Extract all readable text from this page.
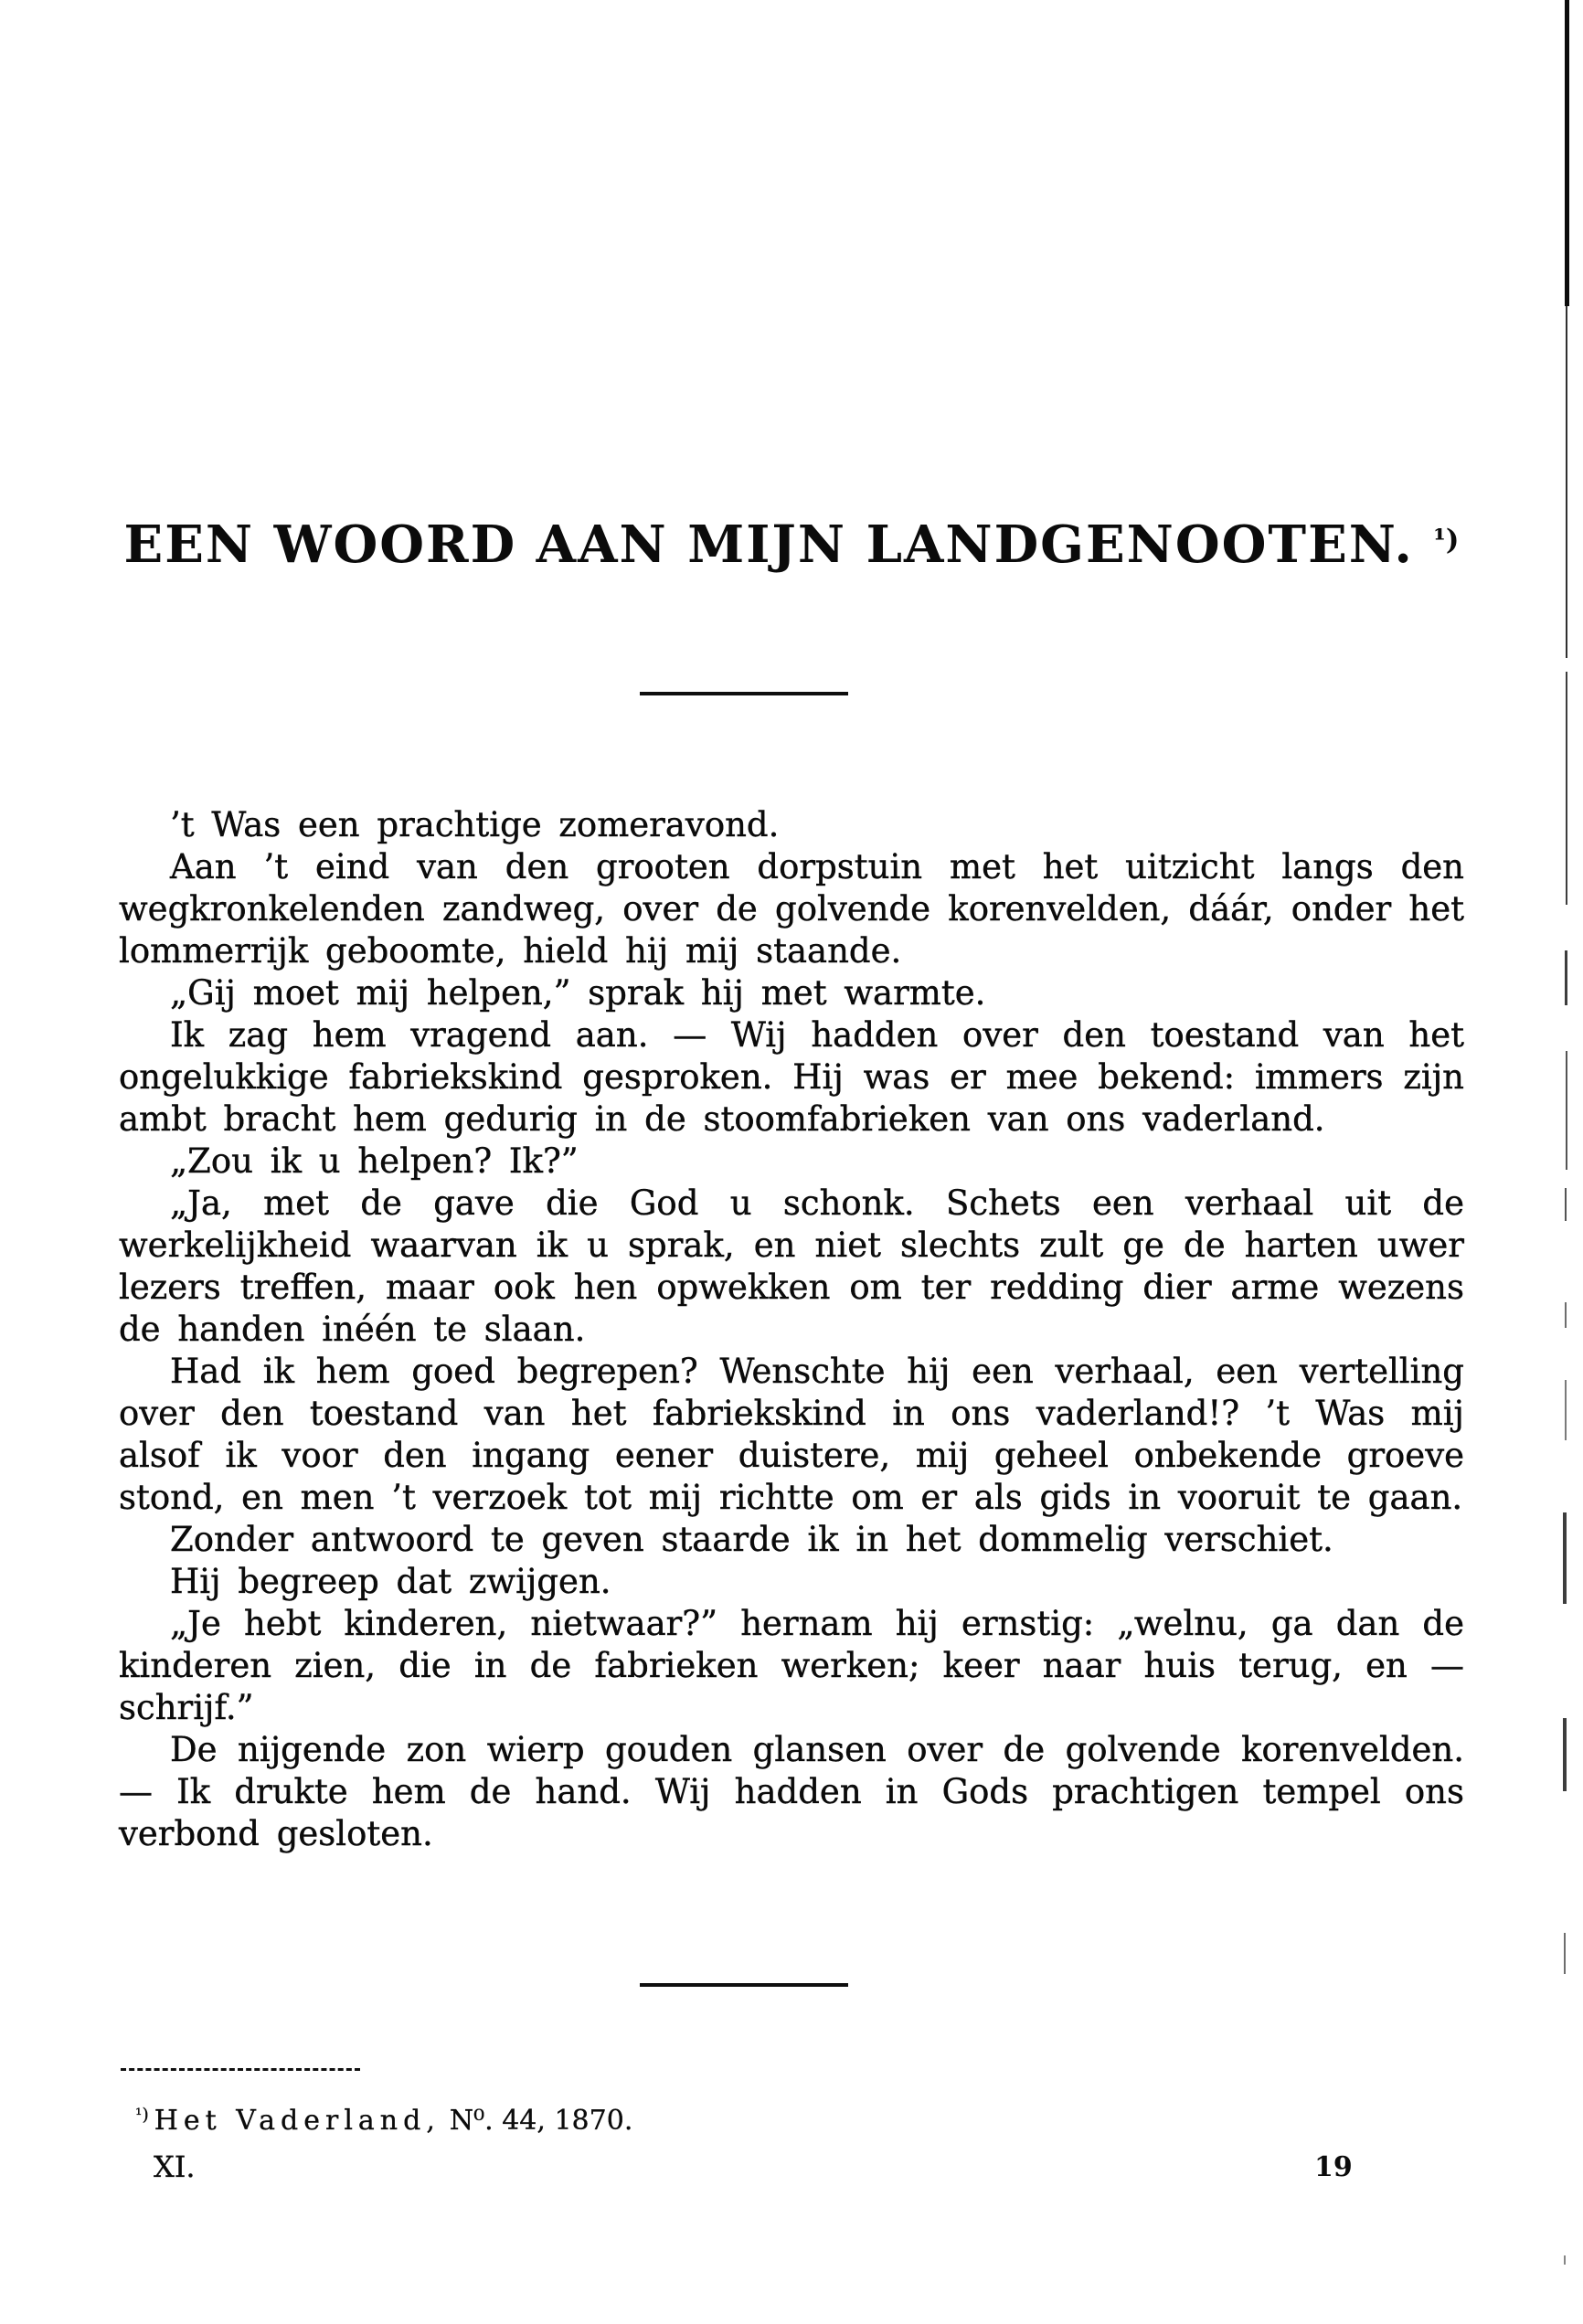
EEN WOORD AAN MIJN LANDGENOOTEN. $^{^1)}$

’t Was een prachtige zomeravond.

Aan ’t eind van den grooten dorpstuin met het uitzicht langs den wegkronkelenden zandweg, over de golvende korenvelden, dáár, onder het lommerrijk geboomte, hield hij mij staande.

„Gij moet mij helpen,” sprak hij met warmte.

Ik zag hem vragend aan. — Wij hadden over den toestand van het ongelukkige fabriekskind gesproken. Hij was er mee bekend: immers zijn ambt bracht hem gedurig in de stoomfabrieken van ons vaderland.

„Zou ik u helpen? Ik?”

„Ja, met de gave die God u schonk. Schets een verhaal uit de werkelijkheid waarvan ik u sprak, en niet slechts zult ge de harten uwer lezers treffen, maar ook hen opwekken om ter redding dier arme wezens de handen inéén te slaan.

Had ik hem goed begrepen? Wenschte hij een verhaal, een vertelling over den toestand van het fabriekskind in ons vaderland!? ’t Was mij alsof ik voor den ingang eener duistere, mij geheel onbekende groeve stond, en men ’t verzoek tot mij richtte om er als gids in vooruit te gaan.

Zonder antwoord te geven staarde ik in het dommelig verschiet.

Hij begreep dat zwijgen.

„Je hebt kinderen, nietwaar?” hernam hij ernstig: „welnu, ga dan de kinderen zien, die in de fabrieken werken; keer naar huis terug, en — schrijf.”

De nijgende zon wierp gouden glansen over de golvende korenvelden. — Ik drukte hem de hand. Wij hadden in Gods prachtigen tempel ons verbond gesloten.

$^{^1)}$ Het Vaderland, N⁰. 44, 1870.
XI.	19
